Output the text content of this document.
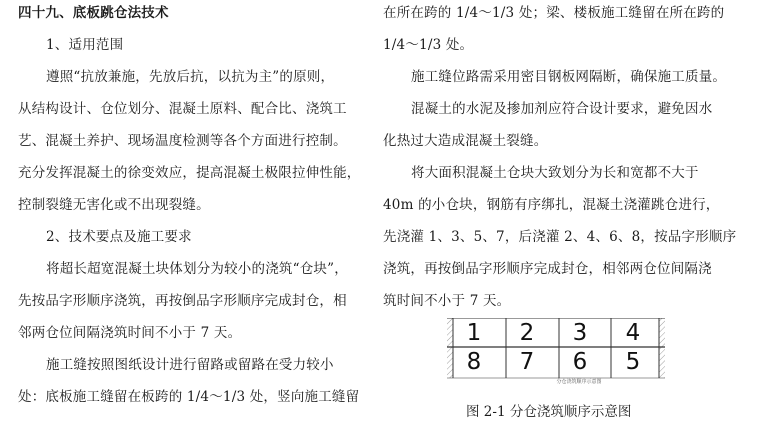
四十九、底板跳仓法技术
1、适用范围
遵照“抗放兼施，先放后抗，以抗为主”的原则，
从结构设计、仓位划分、混凝土原料、配合比、浇筑工
艺、混凝土养护、现场温度检测等各个方面进行控制。
充分发挥混凝土的徐变效应，提高混凝土极限拉伸性能，
控制裂缝无害化或不出现裂缝。
2、技术要点及施工要求
将超长超宽混凝土块体划分为较小的浇筑“仓块”，
先按品字形顺序浇筑，再按倒品字形顺序完成封仓，相
邻两仓位间隔浇筑时间不小于 7 天。
施工缝按照图纸设计进行留路或留路在受力较小
处：底板施工缝留在板跨的 1/4～1/3 处，竖向施工缝留
在所在跨的 1/4～1/3 处；梁、楼板施工缝留在所在跨的
1/4～1/3 处。
施工缝位路需采用密目钢板网隔断，确保施工质量。
混凝土的水泥及掺加剂应符合设计要求，避免因水
化热过大造成混凝土裂缝。
将大面积混凝土仓块大致划分为长和宽都不大于
40m 的小仓块，钢筋有序绑扎，混凝土浇灌跳仓进行，
先浇灌 1、3、5、7，后浇灌 2、4、6、8，按品字形顺序
浇筑，再按倒品字形顺序完成封仓，相邻两仓位间隔浇
筑时间不小于 7 天。
1	2	3	4
8	7	6	5
分仓浇筑顺序示意图
图 2-1 分仓浇筑顺序示意图
